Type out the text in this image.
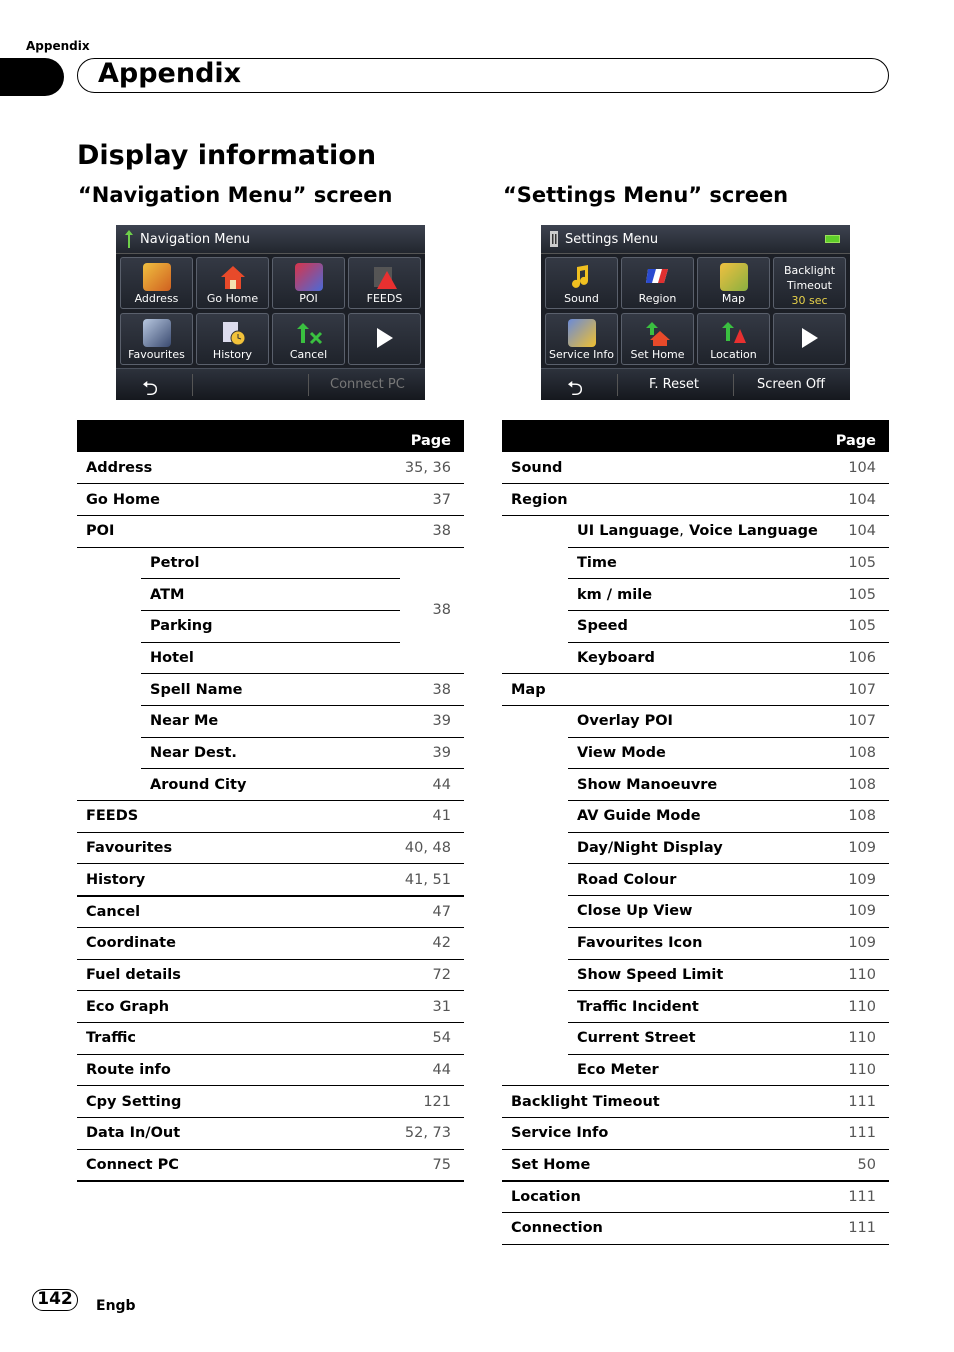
Appendix
Appendix
Display information
“Navigation Menu” screen	“Settings Menu” screen
Navigation Menu
Address	Go Home	POI	FEEDS
Favourites	History	Cancel
⮌	Connect PC
Settings Menu
Sound	Region	Map
Backlight
Timeout
30 sec
Service Info	Set Home	Location
⮌	F. Reset	Screen Off
		Page
Address		35, 36
Go Home		37
POI		38
	Petrol		38
	ATM	
	Parking	
	Hotel	
	Spell Name	38
	Near Me	39
	Near Dest.	39
	Around City	44
FEEDS		41
Favourites		40, 48
History		41, 51
Cancel		47
Coordinate		42
Fuel details		72
Eco Graph		31
Traffic		54
Route info		44
Cpy Setting		121
Data In/Out		52, 73
Connect PC		75
		Page
Sound		104
Region		104
	UI Language, Voice Language	104
	Time	105
	km / mile	105
	Speed	105
	Keyboard	106
Map		107
	Overlay POI	107
	View Mode	108
	Show Manoeuvre	108
	AV Guide Mode	108
	Day/Night Display	109
	Road Colour	109
	Close Up View	109
	Favourites Icon	109
	Show Speed Limit	110
	Traffic Incident	110
	Current Street	110
	Eco Meter	110
Backlight Timeout		111
Service Info		111
Set Home		50
Location		111
Connection		111
142	Engb
